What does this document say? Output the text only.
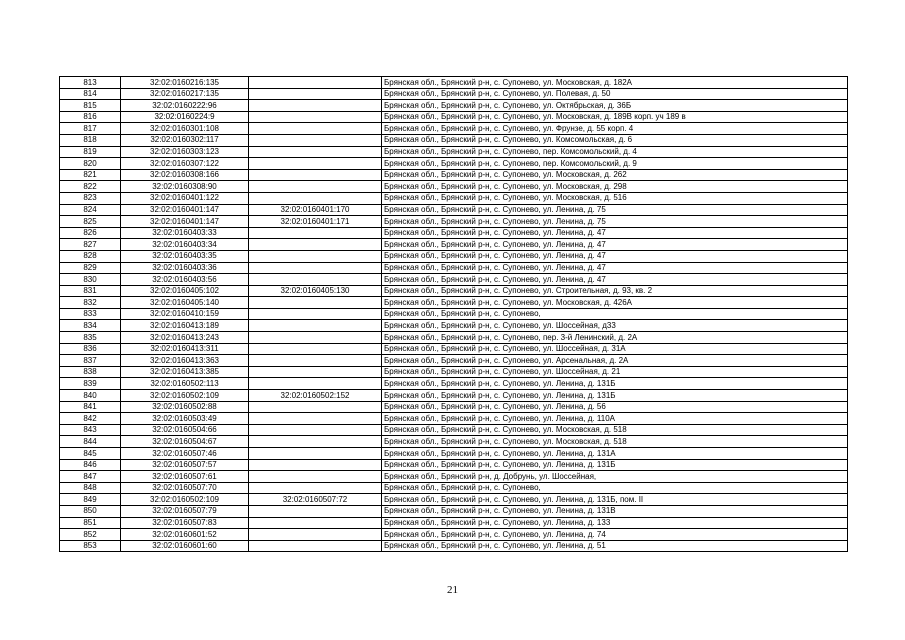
813	32:02:0160216:135		Брянская обл., Брянский р-н, с. Супонево, ул. Московская, д. 182А
814	32:02:0160217:135		Брянская обл., Брянский р-н, с. Супонево, ул. Полевая, д. 50
815	32:02:0160222:96		Брянская обл., Брянский р-н, с. Супонево, ул. Октябрьская, д. 36Б
816	32:02:0160224:9		Брянская обл., Брянский р-н, с. Супонево, ул. Московская, д. 189В корп. уч 189 в
817	32:02:0160301:108		Брянская обл., Брянский р-н, с. Супонево, ул. Фрунзе, д. 55 корп. 4
818	32:02:0160302:117		Брянская обл., Брянский р-н, с. Супонево, ул. Комсомольская, д. 6
819	32:02:0160303:123		Брянская обл., Брянский р-н, с. Супонево, пер. Комсомольский, д. 4
820	32:02:0160307:122		Брянская обл., Брянский р-н, с. Супонево, пер. Комсомольский, д. 9
821	32:02:0160308:166		Брянская обл., Брянский р-н, с. Супонево, ул. Московская, д. 262
822	32:02:0160308:90		Брянская обл., Брянский р-н, с. Супонево, ул. Московская, д. 298
823	32:02:0160401:122		Брянская обл., Брянский р-н, с. Супонево, ул. Московская, д. 516
824	32:02:0160401:147	32:02:0160401:170	Брянская обл., Брянский р-н, с. Супонево, ул. Ленина, д. 75
825	32:02:0160401:147	32:02:0160401:171	Брянская обл., Брянский р-н, с. Супонево, ул. Ленина, д. 75
826	32:02:0160403:33		Брянская обл., Брянский р-н, с. Супонево, ул. Ленина, д. 47
827	32:02:0160403:34		Брянская обл., Брянский р-н, с. Супонево, ул. Ленина, д. 47
828	32:02:0160403:35		Брянская обл., Брянский р-н, с. Супонево, ул. Ленина, д. 47
829	32:02:0160403:36		Брянская обл., Брянский р-н, с. Супонево, ул. Ленина, д. 47
830	32:02:0160403:56		Брянская обл., Брянский р-н, с. Супонево, ул. Ленина, д. 47
831	32:02:0160405:102	32:02:0160405:130	Брянская обл., Брянский р-н, с. Супонево, ул. Строительная, д. 93, кв. 2
832	32:02:0160405:140		Брянская обл., Брянский р-н, с. Супонево, ул. Московская, д. 426А
833	32:02:0160410:159		Брянская обл., Брянский р-н, с. Супонево,
834	32:02:0160413:189		Брянская обл., Брянский р-н, с. Супонево, ул. Шоссейная, д33
835	32:02:0160413:243		Брянская обл., Брянский р-н, с. Супонево, пер. 3-й Ленинский, д. 2А
836	32:02:0160413:311		Брянская обл., Брянский р-н, с. Супонево, ул. Шоссейная, д. 31А
837	32:02:0160413:363		Брянская обл., Брянский р-н, с. Супонево, ул. Арсенальная, д. 2А
838	32:02:0160413:385		Брянская обл., Брянский р-н, с. Супонево, ул. Шоссейная, д. 21
839	32:02:0160502:113		Брянская обл., Брянский р-н, с. Супонево, ул. Ленина, д. 131Б
840	32:02:0160502:109	32:02:0160502:152	Брянская обл., Брянский р-н, с. Супонево, ул. Ленина, д. 131Б
841	32:02:0160502:88		Брянская обл., Брянский р-н, с. Супонево, ул. Ленина, д. 56
842	32:02:0160503:49		Брянская обл., Брянский р-н, с. Супонево, ул. Ленина, д. 110А
843	32:02:0160504:66		Брянская обл., Брянский р-н, с. Супонево, ул. Московская, д. 518
844	32:02:0160504:67		Брянская обл., Брянский р-н, с. Супонево, ул. Московская, д. 518
845	32:02:0160507:46		Брянская обл., Брянский р-н, с. Супонево, ул. Ленина, д. 131А
846	32:02:0160507:57		Брянская обл., Брянский р-н, с. Супонево, ул. Ленина, д. 131Б
847	32:02:0160507:61		Брянская обл., Брянский р-н, д. Добрунь, ул. Шоссейная,
848	32:02:0160507:70		Брянская обл., Брянский р-н, с. Супонево,
849	32:02:0160502:109	32:02:0160507:72	Брянская обл., Брянский р-н, с. Супонево, ул. Ленина, д. 131Б, пом. II
850	32:02:0160507:79		Брянская обл., Брянский р-н, с. Супонево, ул. Ленина, д. 131В
851	32:02:0160507:83		Брянская обл., Брянский р-н, с. Супонево, ул. Ленина, д. 133
852	32:02:0160601:52		Брянская обл., Брянский р-н, с. Супонево, ул. Ленина, д. 74
853	32:02:0160601:60		Брянская обл., Брянский р-н, с. Супонево, ул. Ленина, д. 51
21
